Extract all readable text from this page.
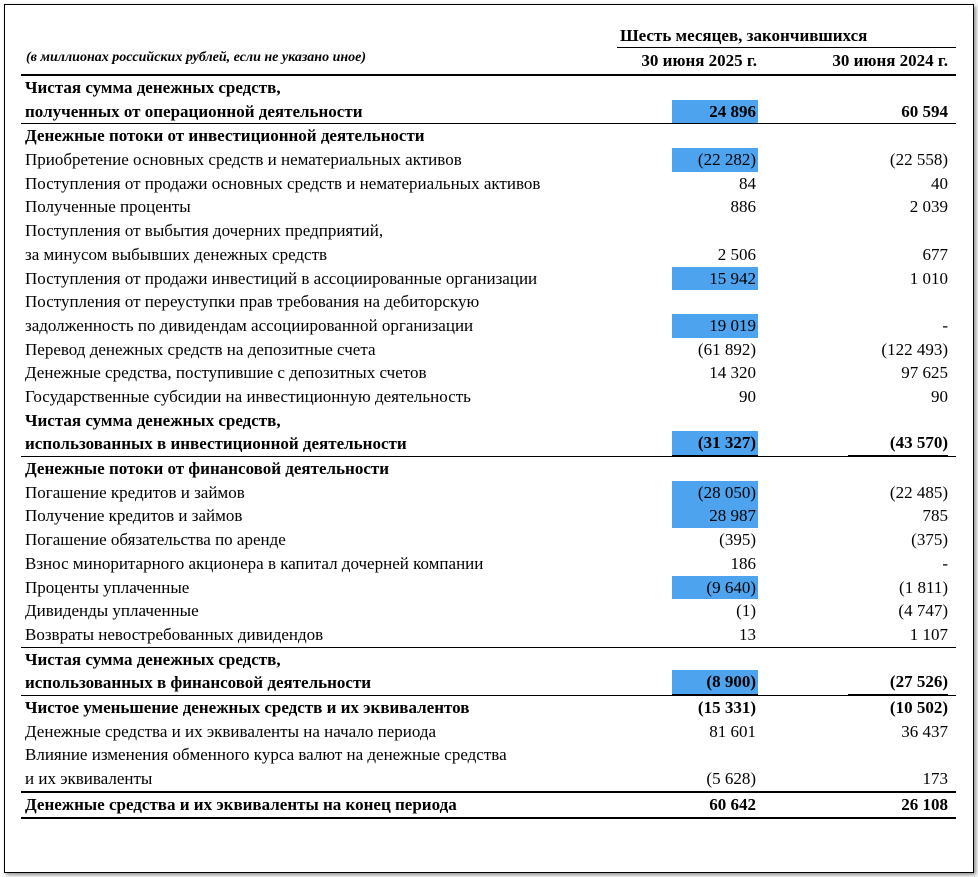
Шесть месяцев, закончившихся
(в миллионах российских рублей, если не указано иное)	30 июня 2025 г.	30 июня 2024 г.
Чистая сумма денежных средств,
полученных от операционной деятельности	24 896	60 594
Денежные потоки от инвестиционной деятельности
Приобретение основных средств и нематериальных активов	(22 282)	(22 558)
Поступления от продажи основных средств и нематериальных активов	84	40
Полученные проценты	886	2 039
Поступления от выбытия дочерних предприятий,
за минусом выбывших денежных средств	2 506	677
Поступления от продажи инвестиций в ассоциированные организации	15 942	1 010
Поступления от переуступки прав требования на дебиторскую
задолженность по дивидендам ассоциированной организации	19 019	-
Перевод денежных средств на депозитные счета	(61 892)	(122 493)
Денежные средства, поступившие с депозитных счетов	14 320	97 625
Государственные субсидии на инвестиционную деятельность	90	90
Чистая сумма денежных средств,
использованных в инвестиционной деятельности	(31 327)	(43 570)
Денежные потоки от финансовой деятельности
Погашение кредитов и займов	(28 050)	(22 485)
Получение кредитов и займов	28 987	785
Погашение обязательства по аренде	(395)	(375)
Взнос миноритарного акционера в капитал дочерней компании	186	-
Проценты уплаченные	(9 640)	(1 811)
Дивиденды уплаченные	(1)	(4 747)
Возвраты невостребованных дивидендов	13	1 107
Чистая сумма денежных средств,
использованных в финансовой деятельности	(8 900)	(27 526)
Чистое уменьшение денежных средств и их эквивалентов	(15 331)	(10 502)
Денежные средства и их эквиваленты на начало периода	81 601	36 437
Влияние изменения обменного курса валют на денежные средства
и их эквиваленты	(5 628)	173
Денежные средства и их эквиваленты на конец периода	60 642	26 108
